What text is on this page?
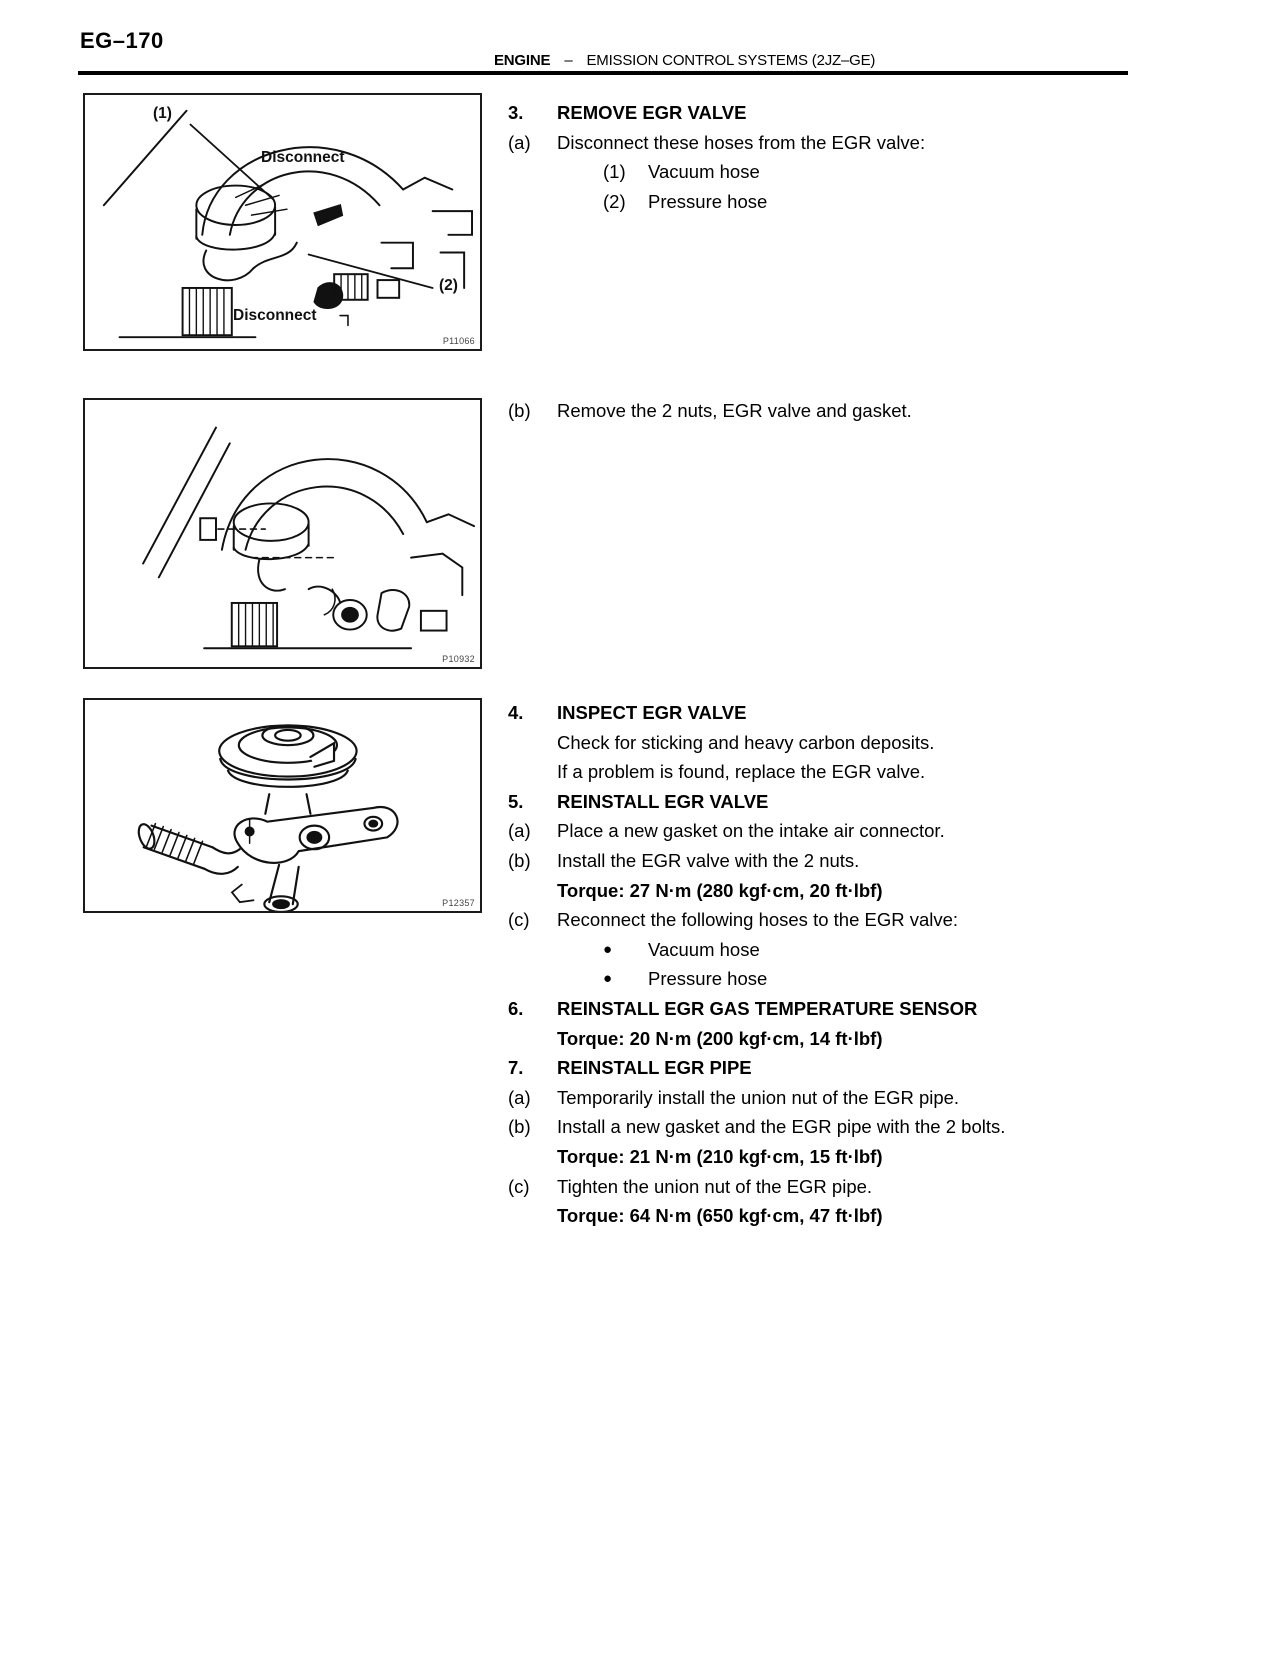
EG–170
ENGINE – EMISSION CONTROL SYSTEMS (2JZ–GE)
(1)
Disconnect
(2)
Disconnect
P11066
P10932
P12357
3.	REMOVE EGR VALVE
(a)	Disconnect these hoses from the EGR valve:
(1)	Vacuum hose
(2)	Pressure hose
(b)	Remove the 2 nuts, EGR valve and gasket.
4.	INSPECT EGR VALVE
Check for sticking and heavy carbon deposits.
If a problem is found, replace the EGR valve.
5.	REINSTALL EGR VALVE
(a)	Place a new gasket on the intake air connector.
(b)	Install the EGR valve with the 2 nuts.
Torque: 27 N·m (280 kgf·cm, 20 ft·lbf)
(c)	Reconnect the following hoses to the EGR valve:
●	Vacuum hose
●	Pressure hose
6.	REINSTALL EGR GAS TEMPERATURE SENSOR
Torque: 20 N·m (200 kgf·cm, 14 ft·lbf)
7.	REINSTALL EGR PIPE
(a)	Temporarily install the union nut of the EGR pipe.
(b)	Install a new gasket and the EGR pipe with the 2 bolts.
Torque: 21 N·m (210 kgf·cm, 15 ft·lbf)
(c)	Tighten the union nut of the EGR pipe.
Torque: 64 N·m (650 kgf·cm, 47 ft·lbf)
